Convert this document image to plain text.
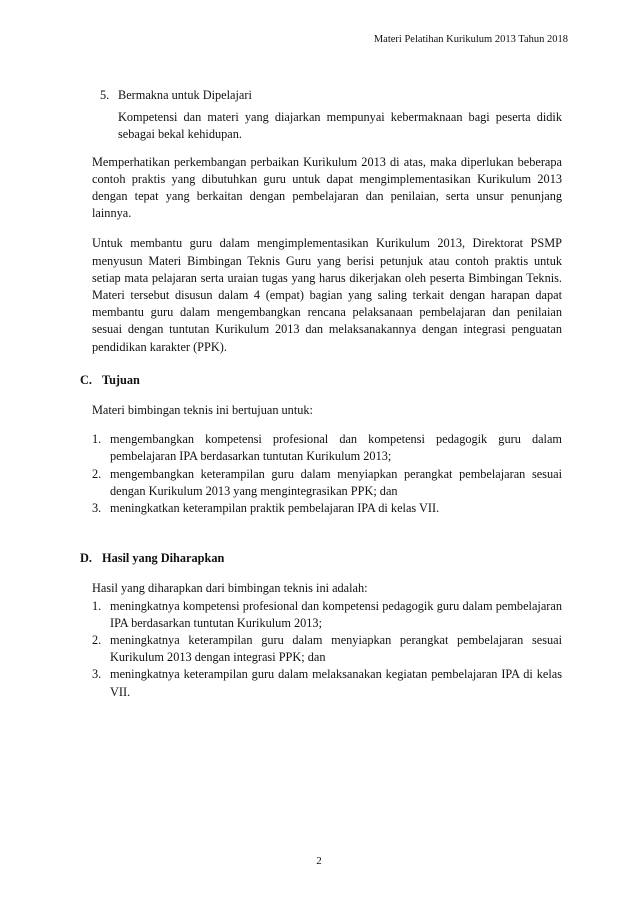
Materi Pelatihan Kurikulum 2013 Tahun 2018
5. Bermakna untuk Dipelajari

Kompetensi dan materi yang diajarkan mempunyai kebermaknaan bagi peserta didik sebagai bekal kehidupan.

Memperhatikan perkembangan perbaikan Kurikulum 2013 di atas, maka diperlukan beberapa contoh praktis yang dibutuhkan guru untuk dapat mengimplementasikan Kurikulum 2013 dengan tepat yang berkaitan dengan pembelajaran dan penilaian, serta unsur penunjang lainnya.

Untuk membantu guru dalam mengimplementasikan Kurikulum 2013, Direktorat PSMP menyusun Materi Bimbingan Teknis Guru yang berisi petunjuk atau contoh praktis untuk setiap mata pelajaran serta uraian tugas yang harus dikerjakan oleh peserta Bimbingan Teknis. Materi tersebut disusun dalam 4 (empat) bagian yang saling terkait dengan harapan dapat membantu guru dalam mengembangkan rencana pelaksanaan pembelajaran dan penilaian sesuai dengan tuntutan Kurikulum 2013 dan melaksanakannya dengan integrasi penguatan pendidikan karakter (PPK).

C. Tujuan

Materi bimbingan teknis ini bertujuan untuk:

1. mengembangkan kompetensi profesional dan kompetensi pedagogik guru dalam pembelajaran IPA berdasarkan tuntutan Kurikulum 2013;
2. mengembangkan keterampilan guru dalam menyiapkan perangkat pembelajaran sesuai dengan Kurikulum 2013 yang mengintegrasikan PPK; dan
3. meningkatkan keterampilan praktik pembelajaran IPA di kelas VII.
D. Hasil yang Diharapkan

Hasil yang diharapkan dari bimbingan teknis ini adalah:

1. meningkatnya kompetensi profesional dan kompetensi pedagogik guru dalam pembelajaran IPA berdasarkan tuntutan Kurikulum 2013;
2. meningkatnya keterampilan guru dalam menyiapkan perangkat pembelajaran sesuai Kurikulum 2013 dengan integrasi PPK; dan
3. meningkatnya keterampilan guru dalam melaksanakan kegiatan pembelajaran IPA di kelas VII.
2
